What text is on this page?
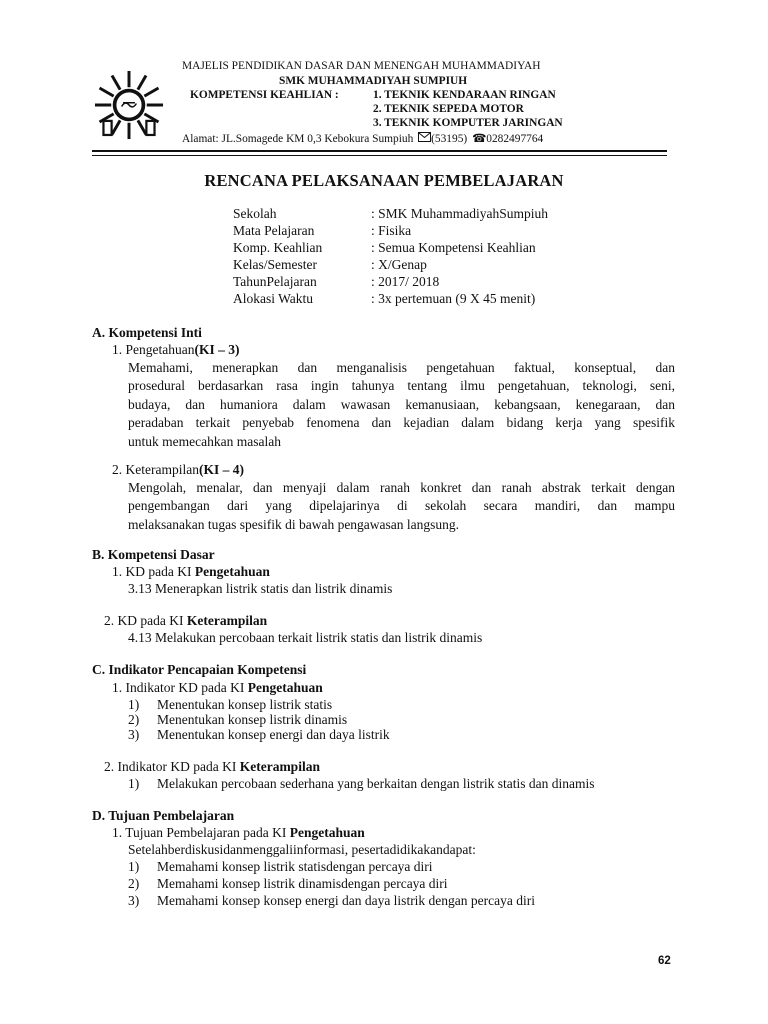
MAJELIS PENDIDIKAN DASAR DAN MENENGAH MUHAMMADIYAH
SMK MUHAMMADIYAH SUMPIUH
KOMPETENSI KEAHLIAN :	1. TEKNIK KENDARAAN RINGAN
2. TEKNIK SEPEDA MOTOR
3. TEKNIK KOMPUTER JARINGAN
Alamat: JL.Somagede KM 0,3 Kebokura Sumpiuh (53195) ☎0282497764
RENCANA PELAKSANAAN PEMBELAJARAN
Sekolah	: SMK MuhammadiyahSumpiuh
Mata Pelajaran	: Fisika
Komp. Keahlian	: Semua Kompetensi Keahlian
Kelas/Semester	: X/Genap
TahunPelajaran	: 2017/ 2018
Alokasi Waktu	: 3x pertemuan (9 X 45 menit)
A. Kompetensi Inti
1. Pengetahuan(KI – 3)
Memahami, menerapkan dan menganalisis pengetahuan faktual, konseptual, dan
prosedural berdasarkan rasa ingin tahunya tentang ilmu pengetahuan, teknologi, seni,
budaya, dan humaniora dalam wawasan kemanusiaan, kebangsaan, kenegaraan, dan
peradaban terkait penyebab fenomena dan kejadian dalam bidang kerja yang spesifik
untuk memecahkan masalah
2. Keterampilan(KI – 4)
Mengolah, menalar, dan menyaji dalam ranah konkret dan ranah abstrak terkait dengan
pengembangan dari yang dipelajarinya di sekolah secara mandiri, dan mampu
melaksanakan tugas spesifik di bawah pengawasan langsung.
B. Kompetensi Dasar
1. KD pada KI Pengetahuan
3.13 Menerapkan listrik statis dan listrik dinamis
2. KD pada KI Keterampilan
4.13 Melakukan percobaan terkait listrik statis dan listrik dinamis
C. Indikator Pencapaian Kompetensi
1. Indikator KD pada KI Pengetahuan
1) Menentukan konsep listrik statis
2) Menentukan konsep listrik dinamis
3) Menentukan konsep energi dan daya listrik
2. Indikator KD pada KI Keterampilan
1) Melakukan percobaan sederhana yang berkaitan dengan listrik statis dan dinamis
D. Tujuan Pembelajaran
1. Tujuan Pembelajaran pada KI Pengetahuan
Setelahberdiskusidanmenggaliinformasi, pesertadidikakandapat:
1) Memahami konsep listrik statisdengan percaya diri
2) Memahami konsep listrik dinamisdengan percaya diri
3) Memahami konsep konsep energi dan daya listrik dengan percaya diri
62
